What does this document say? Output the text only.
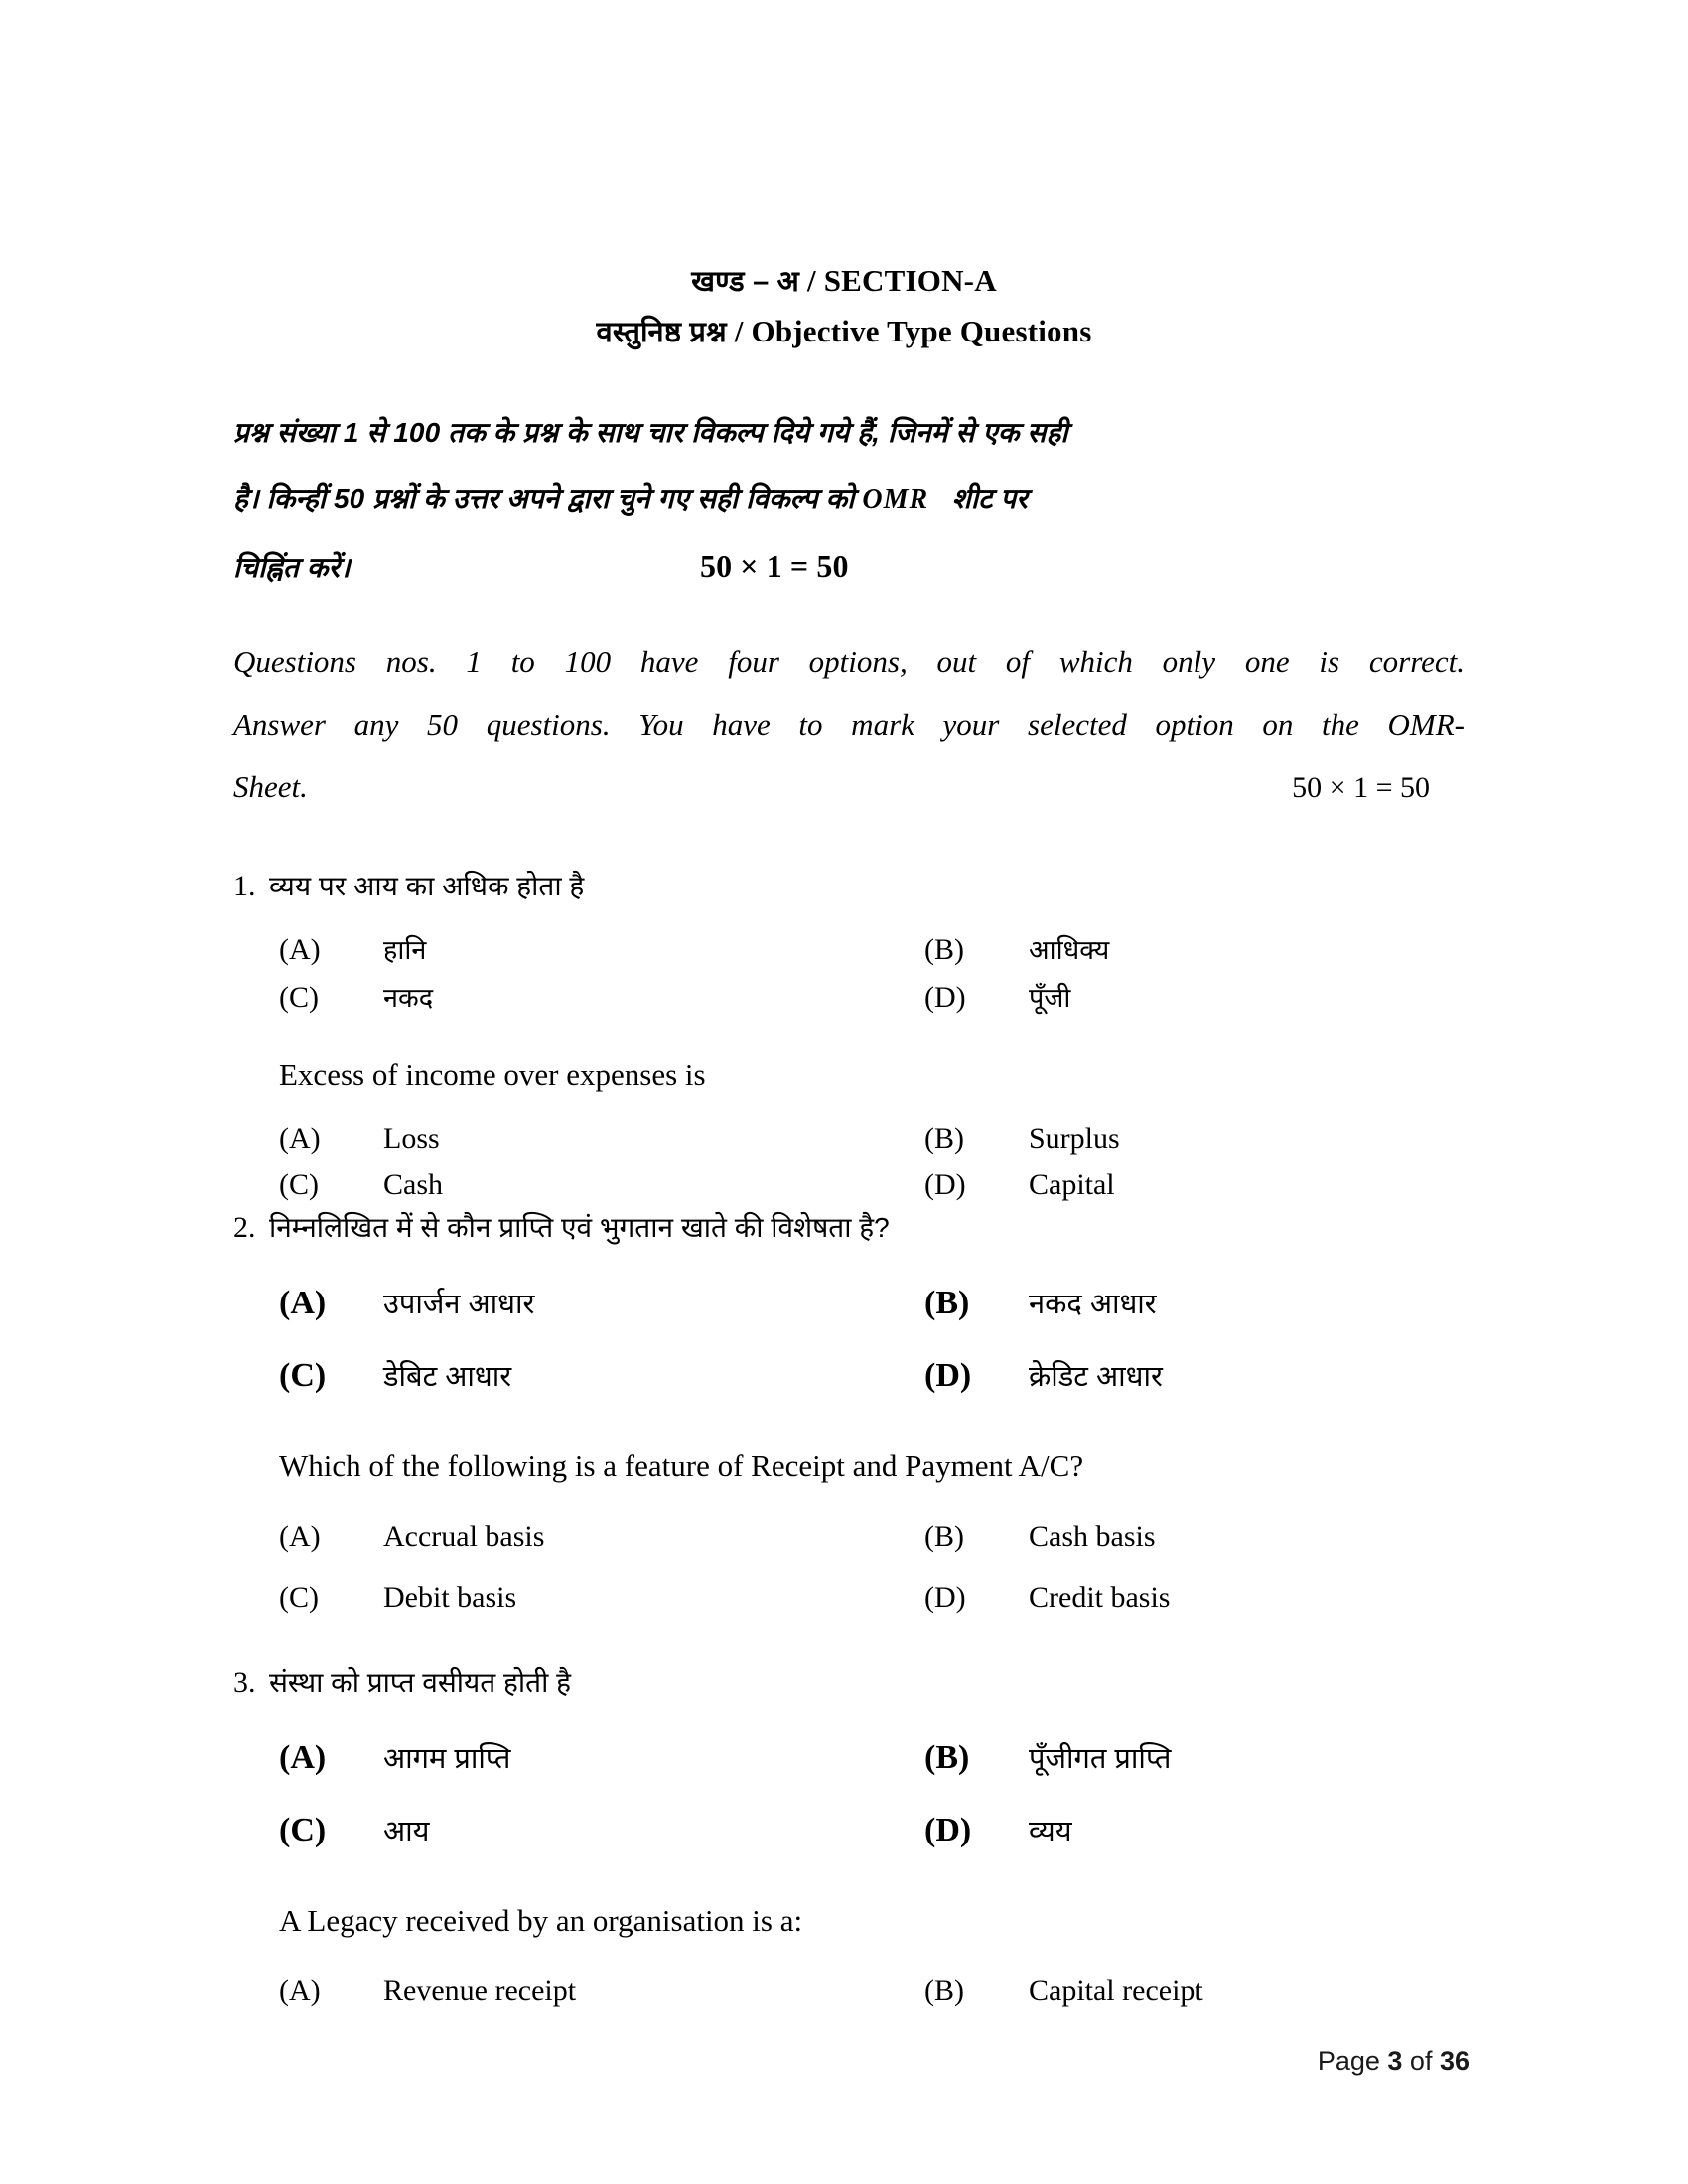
खण्ड – अ / SECTION-A
वस्तुनिष्ठ प्रश्न / Objective Type Questions
प्रश्न संख्या 1 से 100 तक के प्रश्न के साथ चार विकल्प दिये गये हैं, जिनमें से एक सही
है। किन्हीं 50 प्रश्नों के उत्तर अपने द्वारा चुने गए सही विकल्प को OMR शीट पर
चिह्निंत करें।	50 × 1 = 50
Questions nos. 1 to 100 have four options, out of which only one is correct.
Answer any 50 questions. You have to mark your selected option on the OMR-
Sheet.	50 × 1 = 50
1. व्यय पर आय का अधिक होता है
(A)	हानि	(B)	आधिक्य
(C)	नकद	(D)	पूँजी
Excess of income over expenses is
(A)	Loss	(B)	Surplus
(C)	Cash	(D)	Capital
2. निम्नलिखित में से कौन प्राप्ति एवं भुगतान खाते की विशेषता है?
(A)	उपार्जन आधार	(B)	नकद आधार
(C)	डेबिट आधार	(D)	क्रेडिट आधार
Which of the following is a feature of Receipt and Payment A/C?
(A)	Accrual basis	(B)	Cash basis
(C)	Debit basis	(D)	Credit basis
3. संस्था को प्राप्त वसीयत होती है
(A)	आगम प्राप्ति	(B)	पूँजीगत प्राप्ति
(C)	आय	(D)	व्यय
A Legacy received by an organisation is a:
(A)	Revenue receipt	(B)	Capital receipt
Page 3 of 36
